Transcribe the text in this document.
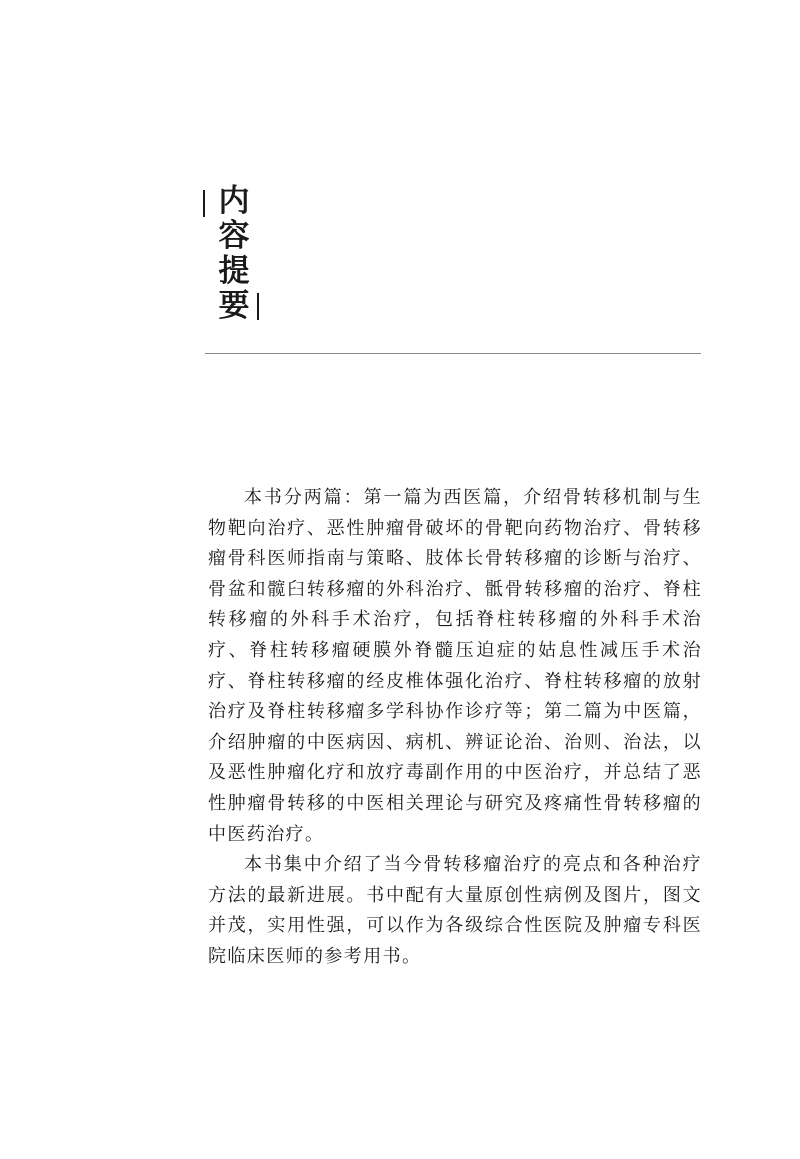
内
容
提
要

本书分两篇：第一篇为西医篇，介绍骨转移机制与生物靶向治疗、恶性肿瘤骨破坏的骨靶向药物治疗、骨转移瘤骨科医师指南与策略、肢体长骨转移瘤的诊断与治疗、骨盆和髋臼转移瘤的外科治疗、骶骨转移瘤的治疗、脊柱转移瘤的外科手术治疗，包括脊柱转移瘤的外科手术治疗、脊柱转移瘤硬膜外脊髓压迫症的姑息性减压手术治疗、脊柱转移瘤的经皮椎体强化治疗、脊柱转移瘤的放射治疗及脊柱转移瘤多学科协作诊疗等；第二篇为中医篇，介绍肿瘤的中医病因、病机、辨证论治、治则、治法，以及恶性肿瘤化疗和放疗毒副作用的中医治疗，并总结了恶性肿瘤骨转移的中医相关理论与研究及疼痛性骨转移瘤的中医药治疗。

本书集中介绍了当今骨转移瘤治疗的亮点和各种治疗方法的最新进展。书中配有大量原创性病例及图片，图文并茂，实用性强，可以作为各级综合性医院及肿瘤专科医院临床医师的参考用书。
